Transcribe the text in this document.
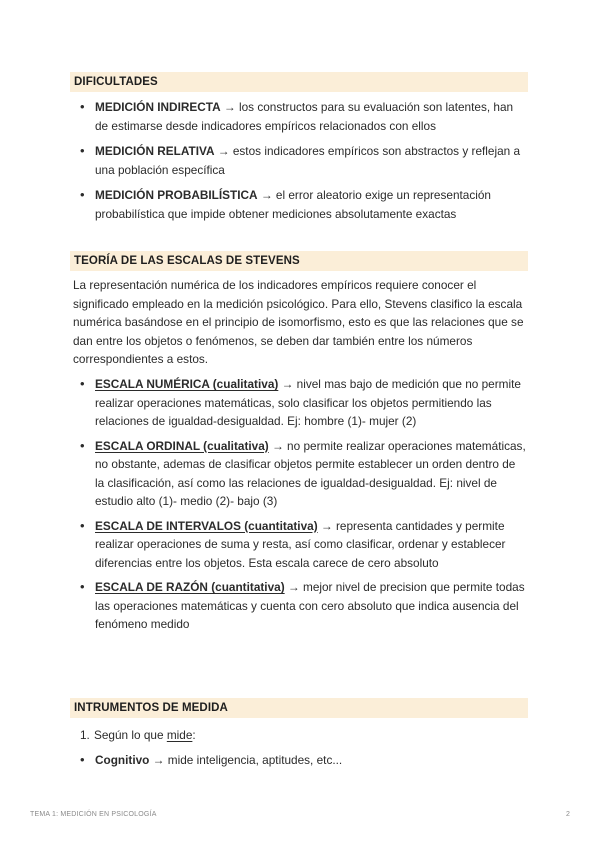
DIFICULTADES
• MEDICIÓN INDIRECTA → los constructos para su evaluación son latentes, han de estimarse desde indicadores empíricos relacionados con ellos
• MEDICIÓN RELATIVA → estos indicadores empíricos son abstractos y reflejan a una población específica
• MEDICIÓN PROBABILÍSTICA → el error aleatorio exige un representación probabilística que impide obtener mediciones absolutamente exactas
TEORÍA DE LAS ESCALAS DE STEVENS

La representación numérica de los indicadores empíricos requiere conocer el significado empleado en la medición psicológico. Para ello, Stevens clasifico la escala numérica basándose en el principio de isomorfismo, esto es que las relaciones que se dan entre los objetos o fenómenos, se deben dar también entre los números correspondientes a estos.

• ESCALA NUMÉRICA (cualitativa) → nivel mas bajo de medición que no permite realizar operaciones matemáticas, solo clasificar los objetos permitiendo las relaciones de igualdad-desigualdad. Ej: hombre (1)- mujer (2)
• ESCALA ORDINAL (cualitativa) → no permite realizar operaciones matemáticas, no obstante, ademas de clasificar objetos permite establecer un orden dentro de la clasificación, así como las relaciones de igualdad-desigualdad. Ej: nivel de estudio alto (1)- medio (2)- bajo (3)
• ESCALA DE INTERVALOS (cuantitativa) → representa cantidades y permite realizar operaciones de suma y resta, así como clasificar, ordenar y establecer diferencias entre los objetos. Esta escala carece de cero absoluto
• ESCALA DE RAZÓN (cuantitativa) → mejor nivel de precision que permite todas las operaciones matemáticas y cuenta con cero absoluto que indica ausencia del fenómeno medido
INTRUMENTOS DE MEDIDA
1. Según lo que mide:
• Cognitivo → mide inteligencia, aptitudes, etc...
TEMA 1: MEDICIÓN EN PSICOLOGÍA	2
